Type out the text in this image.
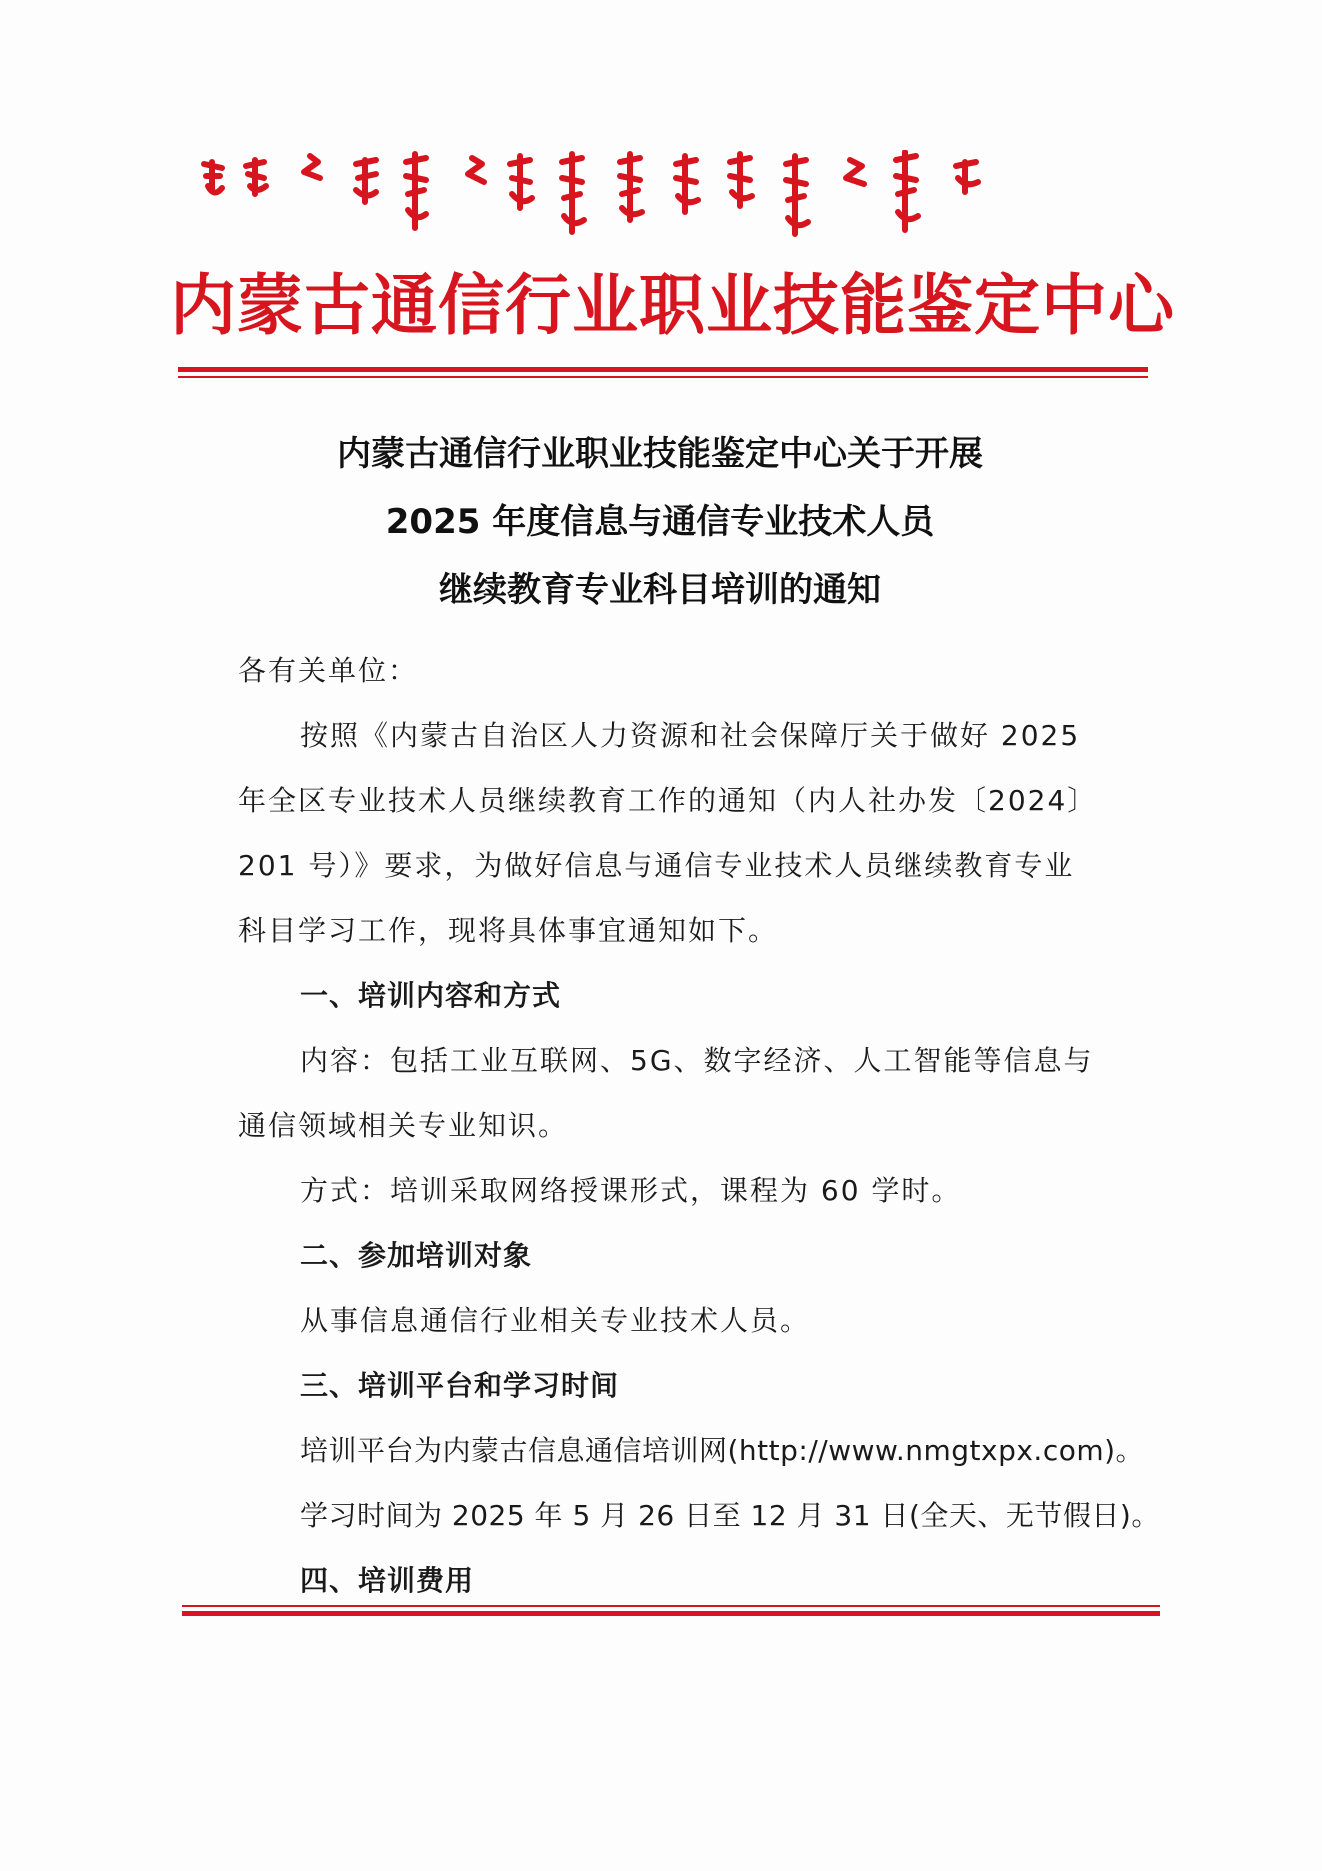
内蒙古通信行业职业技能鉴定中心
内蒙古通信行业职业技能鉴定中心关于开展
2025 年度信息与通信专业技术人员
继续教育专业科目培训的通知

各有关单位：

按照《内蒙古自治区人力资源和社会保障厅关于做好 2025

年全区专业技术人员继续教育工作的通知（内人社办发〔2024〕

201 号）》要求，为做好信息与通信专业技术人员继续教育专业

科目学习工作，现将具体事宜通知如下。

一、培训内容和方式

内容：包括工业互联网、5G、数字经济、人工智能等信息与

通信领域相关专业知识。

方式：培训采取网络授课形式，课程为 60 学时。

二、参加培训对象

从事信息通信行业相关专业技术人员。

三、培训平台和学习时间

培训平台为内蒙古信息通信培训网(http://www.nmgtxpx.com)。

学习时间为 2025 年 5 月 26 日至 12 月 31 日(全天、无节假日)。

四、培训费用
